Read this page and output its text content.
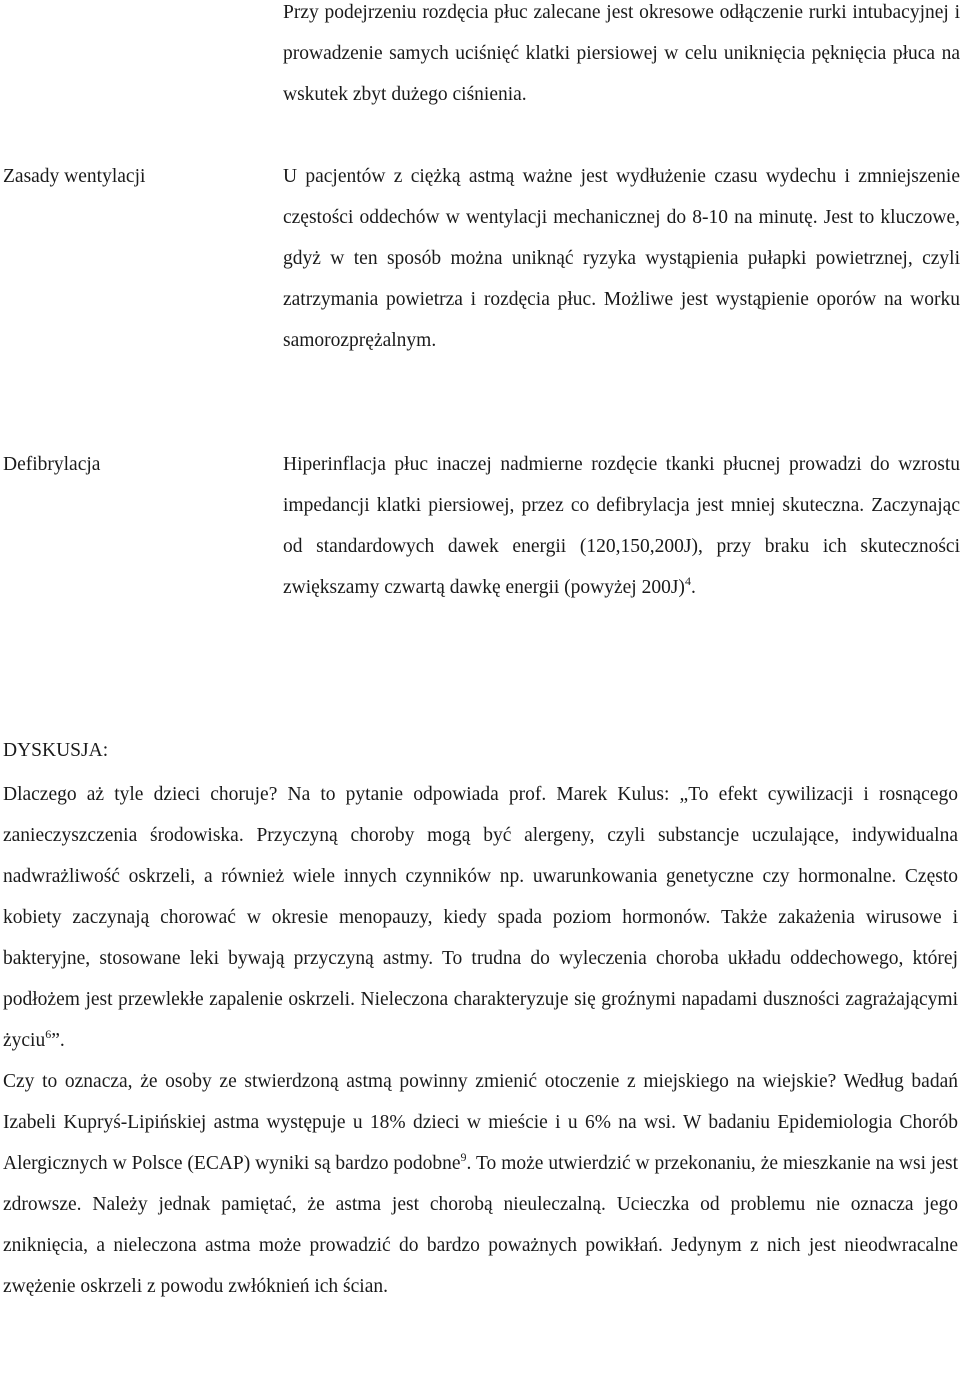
Przy podejrzeniu rozdęcia płuc zalecane jest okresowe odłączenie rurki intubacyjnej i prowadzenie samych uciśnięć klatki piersiowej w celu uniknięcia pęknięcia płuca na wskutek zbyt dużego ciśnienia.

Zasady wentylacji	U pacjentów z ciężką astmą ważne jest wydłużenie czasu wydechu i zmniejszenie częstości oddechów w wentylacji mechanicznej do 8-10 na minutę. Jest to kluczowe, gdyż w ten sposób można uniknąć ryzyka wystąpienia pułapki powietrznej, czyli zatrzymania powietrza i rozdęcia płuc. Możliwe jest wystąpienie oporów na worku samorozprężalnym.

Defibrylacja	Hiperinflacja płuc inaczej nadmierne rozdęcie tkanki płucnej prowadzi do wzrostu impedancji klatki piersiowej, przez co defibrylacja jest mniej skuteczna. Zaczynając od standardowych dawek energii (120,150,200J), przy braku ich skuteczności zwiększamy czwartą dawkę energii (powyżej 200J)$^4$.

DYSKUSJA:

Dlaczego aż tyle dzieci choruje? Na to pytanie odpowiada prof. Marek Kulus: „To efekt cywilizacji i rosnącego zanieczyszczenia środowiska. Przyczyną choroby mogą być alergeny, czyli substancje uczulające, indywidualna nadwrażliwość oskrzeli, a również wiele innych czynników np. uwarunkowania genetyczne czy hormonalne. Często kobiety zaczynają chorować w okresie menopauzy, kiedy spada poziom hormonów. Także zakażenia wirusowe i bakteryjne, stosowane leki bywają przyczyną astmy. To trudna do wyleczenia choroba układu oddechowego, której podłożem jest przewlekłe zapalenie oskrzeli. Nieleczona charakteryzuje się groźnymi napadami duszności zagrażającymi życiu$^6$”.

Czy to oznacza, że osoby ze stwierdzoną astmą powinny zmienić otoczenie z miejskiego na wiejskie? Według badań Izabeli Kupryś-Lipińskiej astma występuje u 18% dzieci w mieście i u 6% na wsi. W badaniu Epidemiologia Chorób Alergicznych w Polsce (ECAP) wyniki są bardzo podobne$^9$. To może utwierdzić w przekonaniu, że mieszkanie na wsi jest zdrowsze. Należy jednak pamiętać, że astma jest chorobą nieuleczalną. Ucieczka od problemu nie oznacza jego zniknięcia, a nieleczona astma może prowadzić do bardzo poważnych powikłań. Jedynym z nich jest nieodwracalne zwężenie oskrzeli z powodu zwłóknień ich ścian.
